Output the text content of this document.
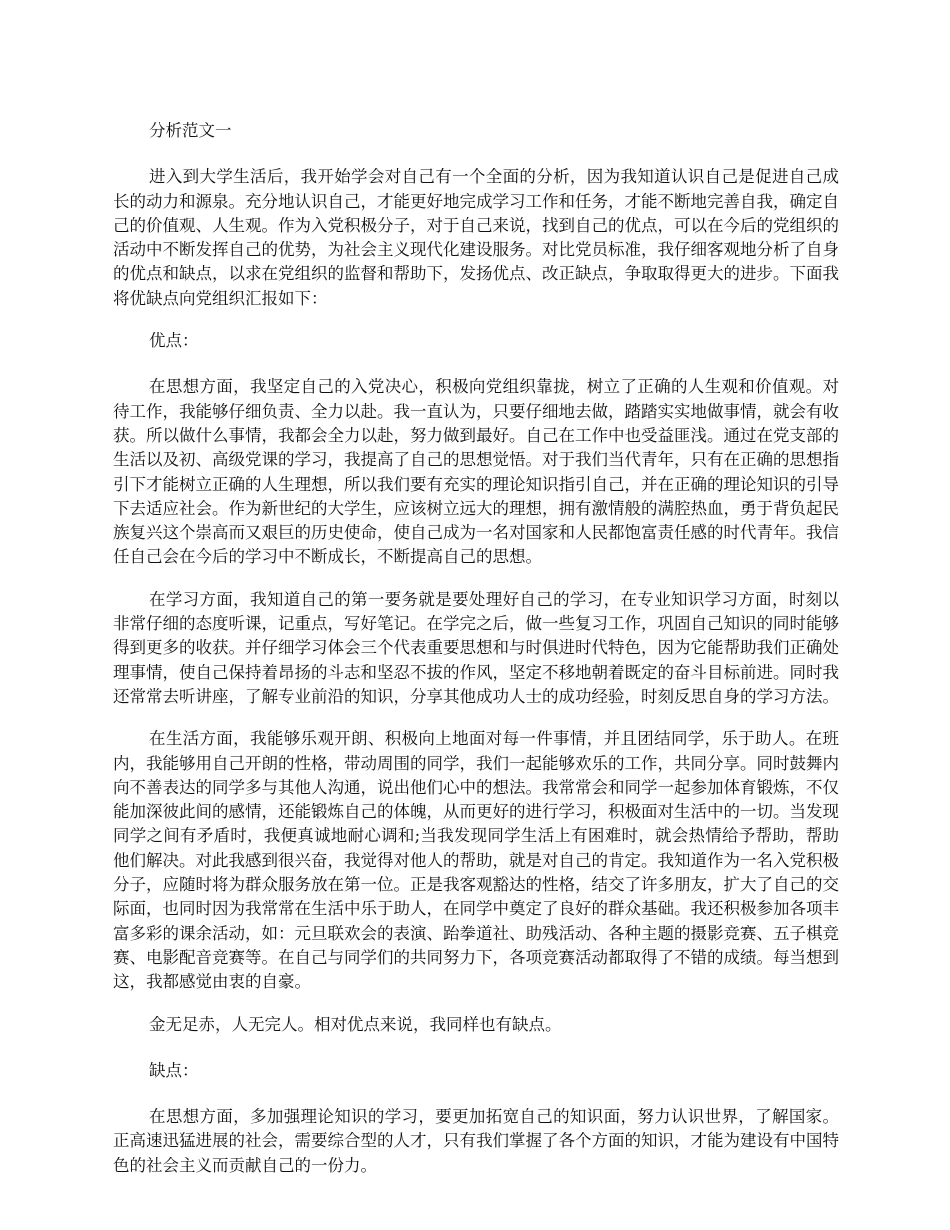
分析范文一

进入到大学生活后，我开始学会对自己有一个全面的分析，因为我知道认识自己是促进自己成长的动力和源泉。充分地认识自己，才能更好地完成学习工作和任务，才能不断地完善自我，确定自己的价值观、人生观。作为入党积极分子，对于自己来说，找到自己的优点，可以在今后的党组织的活动中不断发挥自己的优势，为社会主义现代化建设服务。对比党员标准，我仔细客观地分析了自身的优点和缺点，以求在党组织的监督和帮助下，发扬优点、改正缺点，争取取得更大的进步。下面我将优缺点向党组织汇报如下：

优点：

在思想方面，我坚定自己的入党决心，积极向党组织靠拢，树立了正确的人生观和价值观。对待工作，我能够仔细负责、全力以赴。我一直认为，只要仔细地去做，踏踏实实地做事情，就会有收获。所以做什么事情，我都会全力以赴，努力做到最好。自己在工作中也受益匪浅。通过在党支部的生活以及初、高级党课的学习，我提高了自己的思想觉悟。对于我们当代青年，只有在正确的思想指引下才能树立正确的人生理想，所以我们要有充实的理论知识指引自己，并在正确的理论知识的引导下去适应社会。作为新世纪的大学生，应该树立远大的理想，拥有激情般的满腔热血，勇于背负起民族复兴这个崇高而又艰巨的历史使命，使自己成为一名对国家和人民都饱富责任感的时代青年。我信任自己会在今后的学习中不断成长，不断提高自己的思想。

在学习方面，我知道自己的第一要务就是要处理好自己的学习，在专业知识学习方面，时刻以非常仔细的态度听课，记重点，写好笔记。在学完之后，做一些复习工作，巩固自己知识的同时能够得到更多的收获。并仔细学习体会三个代表重要思想和与时俱进时代特色，因为它能帮助我们正确处理事情，使自己保持着昂扬的斗志和坚忍不拔的作风，坚定不移地朝着既定的奋斗目标前进。同时我还常常去听讲座，了解专业前沿的知识，分享其他成功人士的成功经验，时刻反思自身的学习方法。

在生活方面，我能够乐观开朗、积极向上地面对每一件事情，并且团结同学，乐于助人。在班内，我能够用自己开朗的性格，带动周围的同学，我们一起能够欢乐的工作，共同分享。同时鼓舞内向不善表达的同学多与其他人沟通，说出他们心中的想法。我常常会和同学一起参加体育锻炼，不仅能加深彼此间的感情，还能锻炼自己的体魄，从而更好的进行学习，积极面对生活中的一切。当发现同学之间有矛盾时，我便真诚地耐心调和;当我发现同学生活上有困难时，就会热情给予帮助，帮助他们解决。对此我感到很兴奋，我觉得对他人的帮助，就是对自己的肯定。我知道作为一名入党积极分子，应随时将为群众服务放在第一位。正是我客观豁达的性格，结交了许多朋友，扩大了自己的交际面，也同时因为我常常在生活中乐于助人，在同学中奠定了良好的群众基础。我还积极参加各项丰富多彩的课余活动，如：元旦联欢会的表演、跆拳道社、助残活动、各种主题的摄影竞赛、五子棋竞赛、电影配音竞赛等。在自己与同学们的共同努力下，各项竞赛活动都取得了不错的成绩。每当想到这，我都感觉由衷的自豪。

金无足赤，人无完人。相对优点来说，我同样也有缺点。

缺点：

在思想方面，多加强理论知识的学习，要更加拓宽自己的知识面，努力认识世界，了解国家。正高速迅猛进展的社会，需要综合型的人才，只有我们掌握了各个方面的知识，才能为建设有中国特色的社会主义而贡献自己的一份力。
